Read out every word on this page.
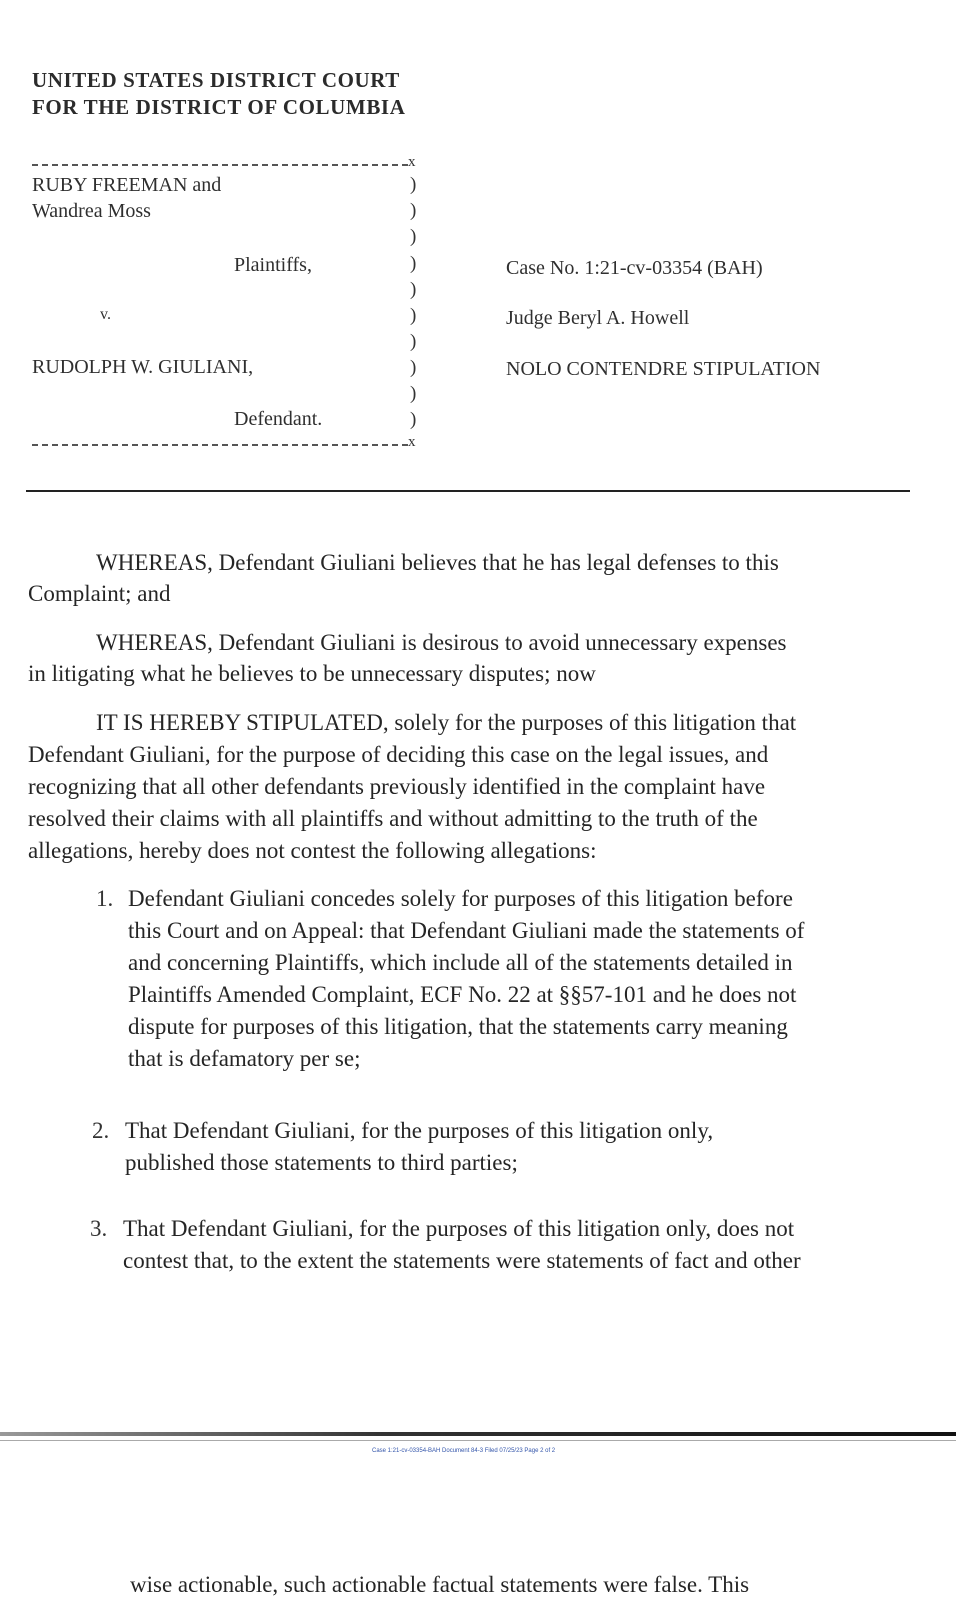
UNITED STATES DISTRICT COURT
FOR THE DISTRICT OF COLUMBIA
x
x
)
)
)
)
)
)
)
)
)
)
RUBY FREEMAN and
Wandrea Moss
Plaintiffs,
v.
RUDOLPH W. GIULIANI,
Defendant.
Case No. 1:21-cv-03354 (BAH)
Judge Beryl A. Howell
NOLO CONTENDRE STIPULATION
WHEREAS, Defendant Giuliani believes that he has legal defenses to this
Complaint; and
WHEREAS, Defendant Giuliani is desirous to avoid unnecessary expenses
in litigating what he believes to be unnecessary disputes; now
IT IS HEREBY STIPULATED, solely for the purposes of this litigation that
Defendant Giuliani, for the purpose of deciding this case on the legal issues, and
recognizing that all other defendants previously identified in the complaint have
resolved their claims with all plaintiffs and without admitting to the truth of the
allegations, hereby does not contest the following allegations:
1. Defendant Giuliani concedes solely for purposes of this litigation before
this Court and on Appeal: that Defendant Giuliani made the statements of
and concerning Plaintiffs, which include all of the statements detailed in
Plaintiffs Amended Complaint, ECF No. 22 at §§57-101 and he does not
dispute for purposes of this litigation, that the statements carry meaning
that is defamatory per se;
2. That Defendant Giuliani, for the purposes of this litigation only,
published those statements to third parties;
3. That Defendant Giuliani, for the purposes of this litigation only, does not
contest that, to the extent the statements were statements of fact and other
Case 1:21-cv-03354-BAH Document 84-3 Filed 07/25/23 Page 2 of 2
wise actionable, such actionable factual statements were false. This
